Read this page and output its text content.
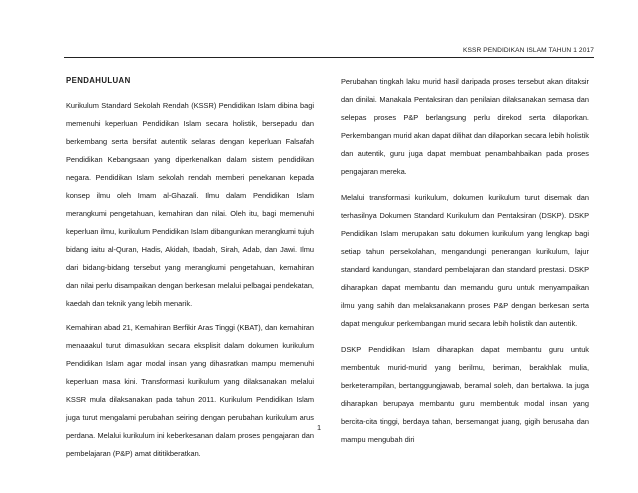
KSSR PENDIDIKAN ISLAM TAHUN 1 2017
PENDAHULUAN

Kurikulum Standard Sekolah Rendah (KSSR) Pendidikan Islam dibina bagi memenuhi keperluan Pendidikan Islam secara holistik, bersepadu dan berkembang serta bersifat autentik selaras dengan keperluan Falsafah Pendidikan Kebangsaan yang diperkenalkan dalam sistem pendidikan negara. Pendidikan Islam sekolah rendah memberi penekanan kepada konsep ilmu oleh Imam al-Ghazali. Ilmu dalam Pendidikan Islam merangkumi pengetahuan, kemahiran dan nilai. Oleh itu, bagi memenuhi keperluan ilmu, kurikulum Pendidikan Islam dibangunkan merangkumi tujuh bidang iaitu al-Quran, Hadis, Akidah, Ibadah, Sirah, Adab, dan Jawi. Ilmu dari bidang-bidang tersebut yang merangkumi pengetahuan, kemahiran dan nilai perlu disampaikan dengan berkesan melalui pelbagai pendekatan, kaedah dan teknik yang lebih menarik.

Kemahiran abad 21, Kemahiran Berfikir Aras Tinggi (KBAT), dan kemahiran menaaakul turut dimasukkan secara eksplisit dalam dokumen kurikulum Pendidikan Islam agar modal insan yang dihasratkan mampu memenuhi keperluan masa kini. Transformasi kurikulum yang dilaksanakan melalui KSSR mula dilaksanakan pada tahun 2011. Kurikulum Pendidikan Islam juga turut mengalami perubahan seiring dengan perubahan kurikulum arus perdana. Melalui kurikulum ini keberkesanan dalam proses pengajaran dan pembelajaran (P&P) amat dititikberatkan.

Perubahan tingkah laku murid hasil daripada proses tersebut akan ditaksir dan dinilai. Manakala Pentaksiran dan penilaian dilaksanakan semasa dan selepas proses P&P berlangsung perlu direkod serta dilaporkan. Perkembangan murid akan dapat dilihat dan dilaporkan secara lebih holistik dan autentik, guru juga dapat membuat penambahbaikan pada proses pengajaran mereka.

Melalui transformasi kurikulum, dokumen kurikulum turut disemak dan terhasilnya Dokumen Standard Kurikulum dan Pentaksiran (DSKP). DSKP Pendidikan Islam merupakan satu dokumen kurikulum yang lengkap bagi setiap tahun persekolahan, mengandungi penerangan kurikulum, lajur standard kandungan, standard pembelajaran dan standard prestasi. DSKP diharapkan dapat membantu dan memandu guru untuk menyampaikan ilmu yang sahih dan melaksanakann proses P&P dengan berkesan serta dapat mengukur perkembangan murid secara lebih holistik dan autentik.

DSKP Pendidikan Islam diharapkan dapat membantu guru untuk membentuk murid-murid yang berilmu, beriman, berakhlak mulia, berketerampilan, bertanggungjawab, beramal soleh, dan bertakwa. Ia juga diharapkan berupaya membantu guru membentuk modal insan yang bercita-cita tinggi, berdaya tahan, bersemangat juang, gigih berusaha dan mampu mengubah diri

1
